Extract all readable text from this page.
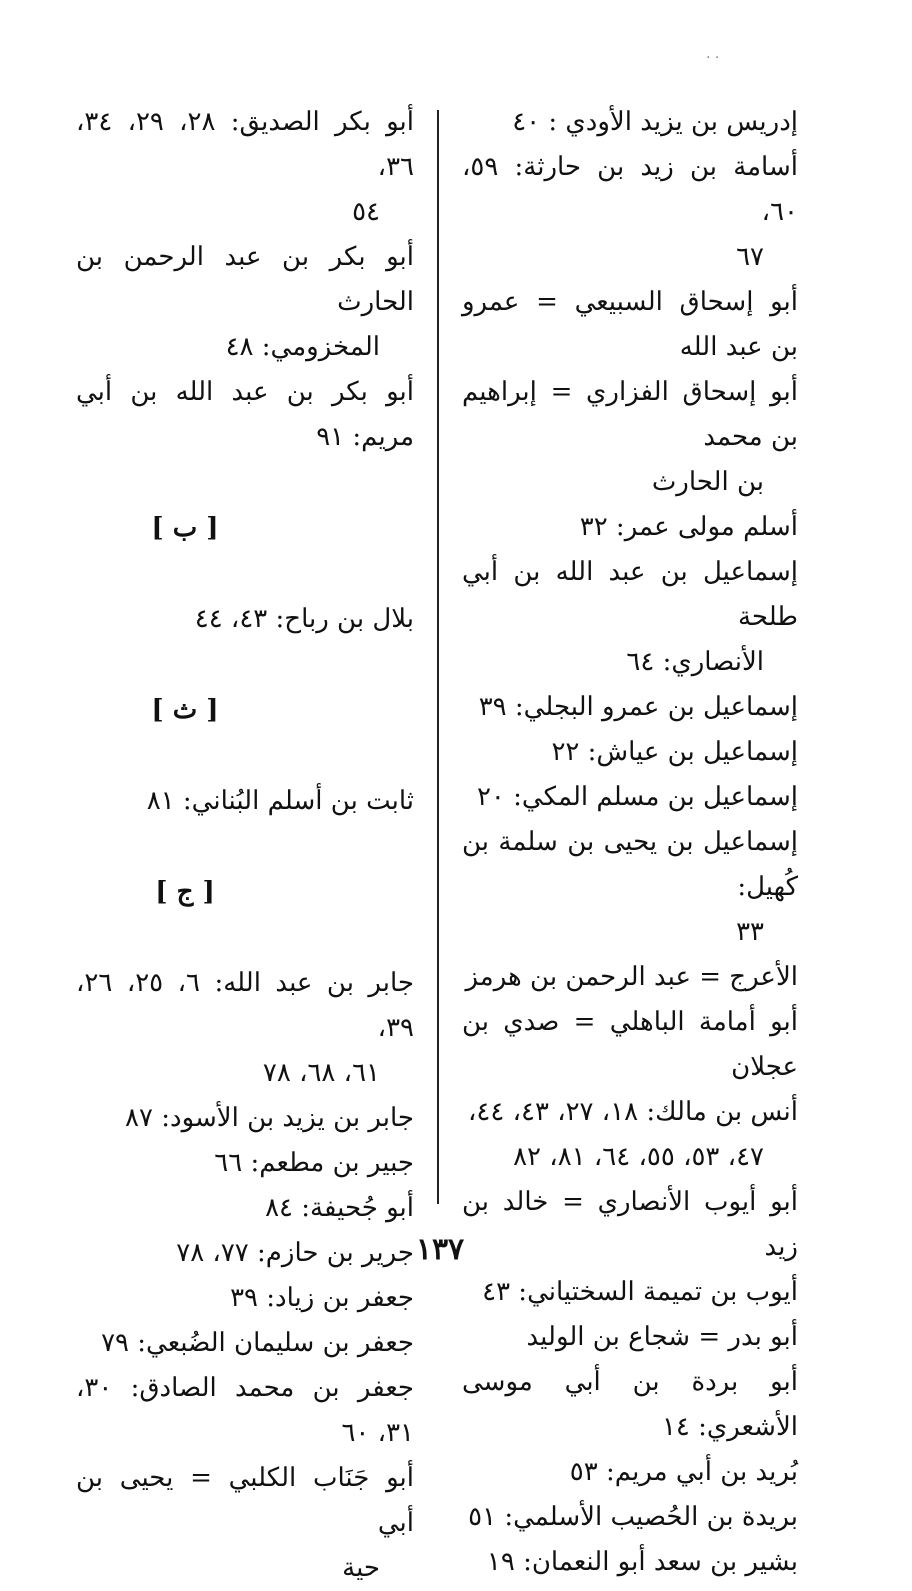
· ·

إدريس بن يزيد الأودي : ٤٠

أسامة بن زيد بن حارثة: ٥٩، ٦٠،
٦٧

أبو إسحاق السبيعي = عمرو بن عبد الله

أبو إسحاق الفزاري = إبراهيم بن محمد
بن الحارث

أسلم مولى عمر: ٣٢

إسماعيل بن عبد الله بن أبي طلحة
الأنصاري: ٦٤

إسماعيل بن عمرو البجلي: ٣٩

إسماعيل بن عياش: ٢٢

إسماعيل بن مسلم المكي: ٢٠

إسماعيل بن يحيى بن سلمة بن كُهيل:
٣٣

الأعرج = عبد الرحمن بن هرمز

أبو أمامة الباهلي = صدي بن عجلان

أنس بن مالك: ١٨، ٢٧، ٤٣، ٤٤،
٤٧، ٥٣، ٥٥، ٦٤، ٨١، ٨٢

أبو أيوب الأنصاري = خالد بن زيد

أيوب بن تميمة السختياني: ٤٣

أبو بدر = شجاع بن الوليد

أبو بردة بن أبي موسى الأشعري: ١٤

بُريد بن أبي مريم: ٥٣

بريدة بن الحُصيب الأسلمي: ٥١

بشير بن سعد أبو النعمان: ١٩

أبو بكر الصديق: ٢٨، ٢٩، ٣٤، ٣٦،
٥٤

أبو بكر بن عبد الرحمن بن الحارث
المخزومي: ٤٨

أبو بكر بن عبد الله بن أبي مريم: ٩١

[ ب ]

بلال بن رباح: ٤٣، ٤٤

[ ث ]

ثابت بن أسلم البُناني: ٨١

[ ج ]

جابر بن عبد الله: ٦، ٢٥، ٢٦، ٣٩،
٦١، ٦٨، ٧٨

جابر بن يزيد بن الأسود: ٨٧

جبير بن مطعم: ٦٦

أبو جُحيفة: ٨٤

جرير بن حازم: ٧٧، ٧٨

جعفر بن زياد: ٣٩

جعفر بن سليمان الضُبعي: ٧٩

جعفر بن محمد الصادق: ٣٠، ٣١، ٦٠

أبو جَنَاب الكلبي = يحيى بن أبي
حية

١٣٧
